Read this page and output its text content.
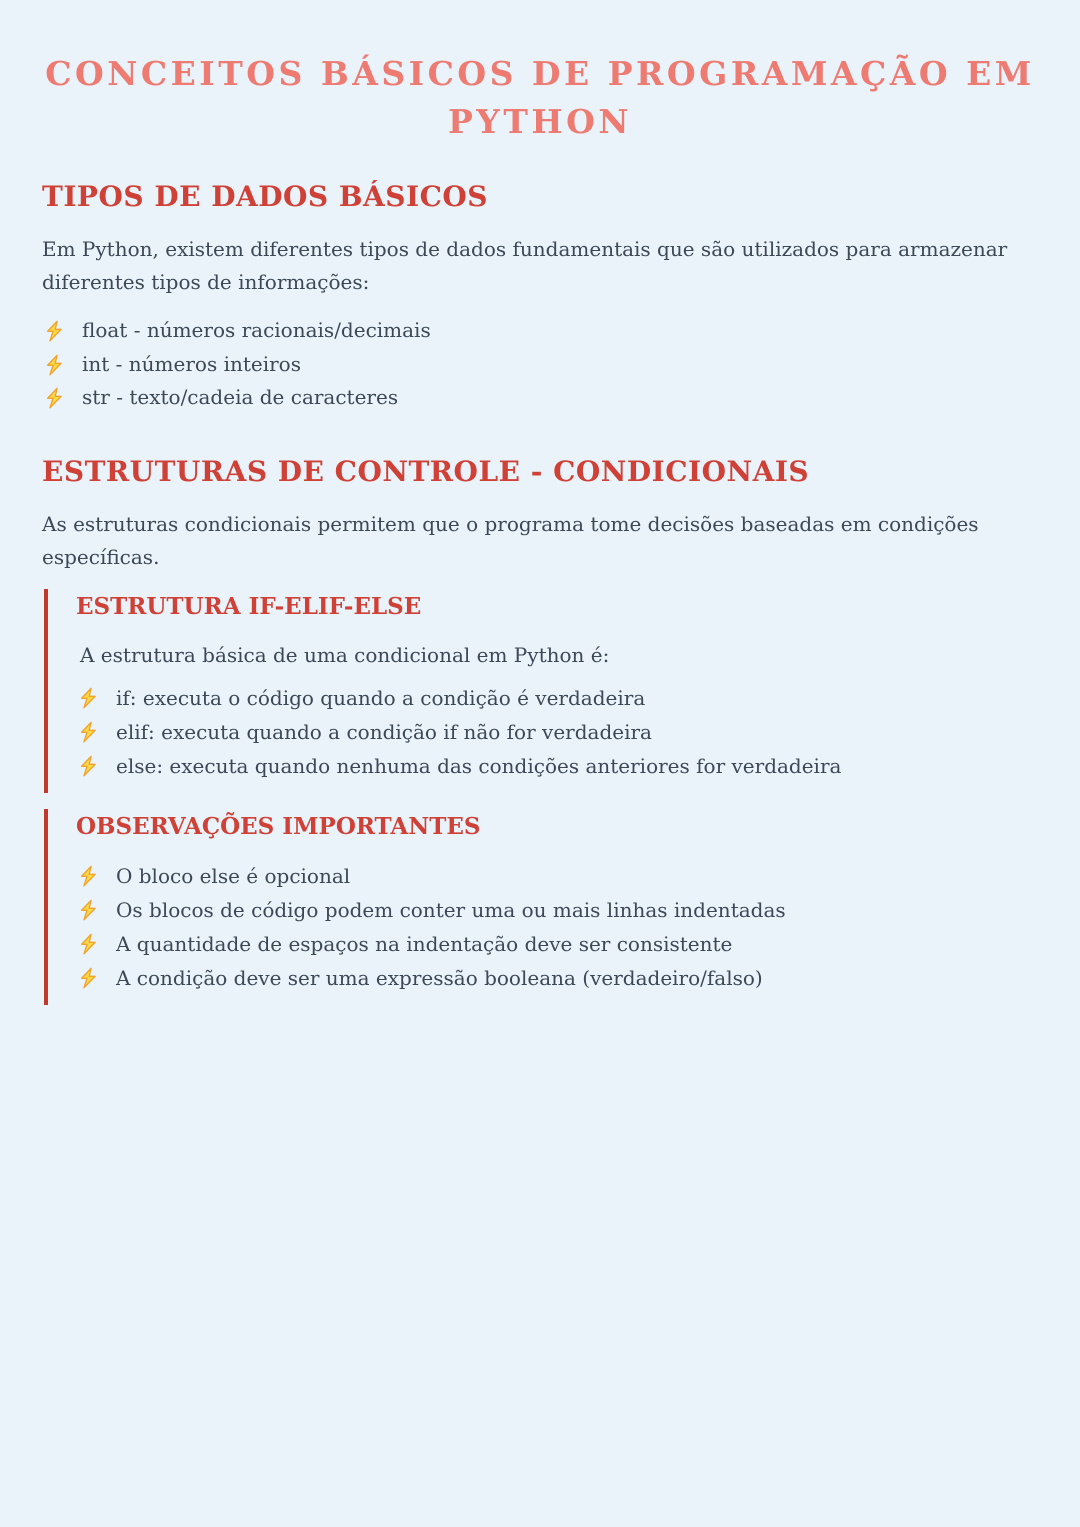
CONCEITOS BÁSICOS DE PROGRAMAÇÃO EM
PYTHON
TIPOS DE DADOS BÁSICOS

Em Python, existem diferentes tipos de dados fundamentais que são utilizados para armazenar diferentes tipos de informações:

float - números racionais/decimais
int - números inteiros
str - texto/cadeia de caracteres
ESTRUTURAS DE CONTROLE - CONDICIONAIS

As estruturas condicionais permitem que o programa tome decisões baseadas em condições específicas.

ESTRUTURA IF-ELIF-ELSE

A estrutura básica de uma condicional em Python é:

if: executa o código quando a condição é verdadeira
elif: executa quando a condição if não for verdadeira
else: executa quando nenhuma das condições anteriores for verdadeira
OBSERVAÇÕES IMPORTANTES
O bloco else é opcional
Os blocos de código podem conter uma ou mais linhas indentadas
A quantidade de espaços na indentação deve ser consistente
A condição deve ser uma expressão booleana (verdadeiro/falso)
